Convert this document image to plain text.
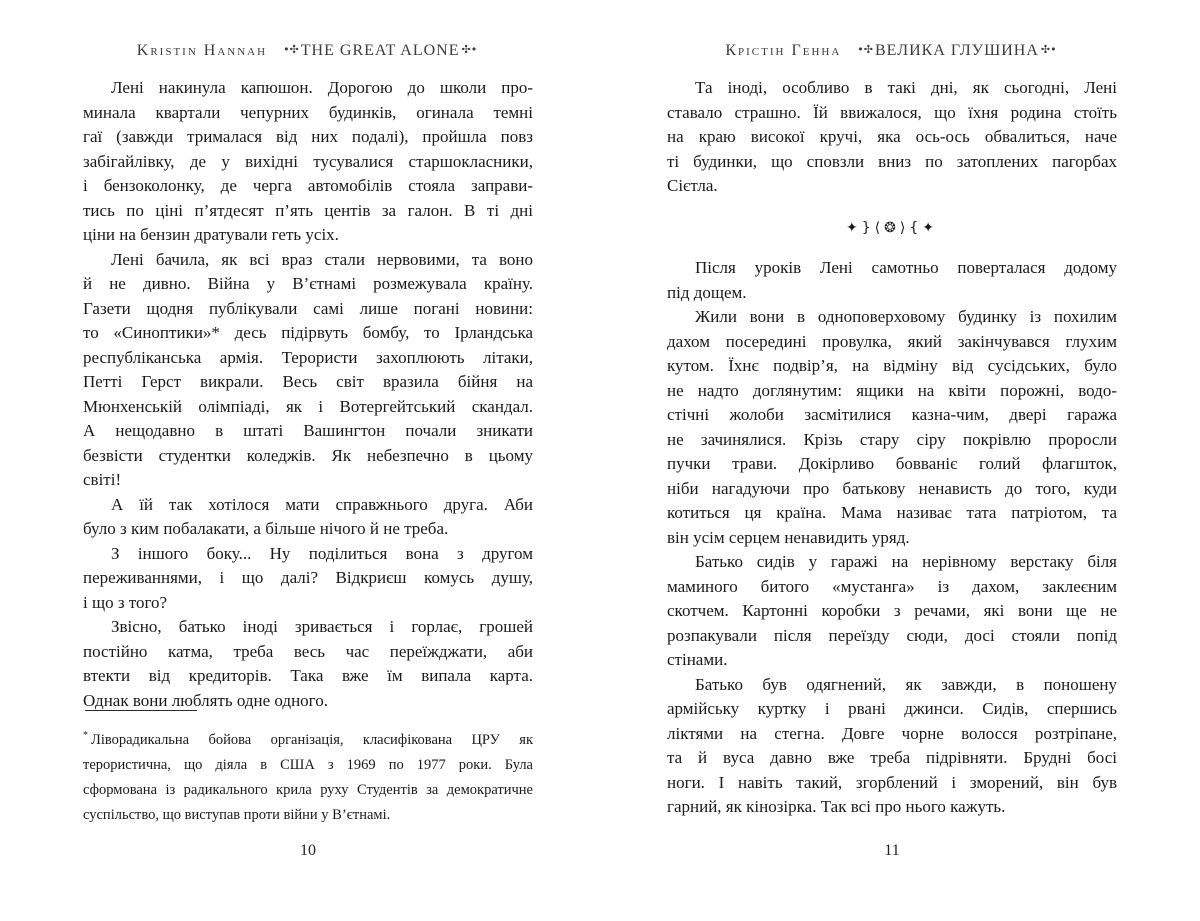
Kristin Hannah •✣ THE GREAT ALONE ✣•
Лені накинула капюшон. Дорогою до школи про-
минала квартали чепурних будинків, огинала темні
гаї (завжди трималася від них подалі), пройшла повз
забігайлівку, де у вихідні тусувалися старшокласники,
і бензоколонку, де черга автомобілів стояла заправи-
тись по ціні п’ятдесят п’ять центів за галон. В ті дні
ціни на бензин дратували геть усіх.
Лені бачила, як всі враз стали нервовими, та воно
й не дивно. Війна у В’єтнамі розмежувала країну.
Газети щодня публікували самі лише погані новини:
то «Синоптики»* десь підірвуть бомбу, то Ірландська
республіканська армія. Терористи захоплюють літаки,
Петті Герст викрали. Весь світ вразила бійня на
Мюнхенській олімпіаді, як і Вотергейтський скандал.
А нещодавно в штаті Вашингтон почали зникати
безвісти студентки коледжів. Як небезпечно в цьому
світі!
А їй так хотілося мати справжнього друга. Аби
було з ким побалакати, а більше нічого й не треба.
З іншого боку... Ну поділиться вона з другом
переживаннями, і що далі? Відкриєш комусь душу,
і що з того?
Звісно, батько іноді зривається і горлає, грошей
постійно катма, треба весь час переїжджати, аби
втекти від кредиторів. Така вже їм випала карта.
Однак вони люблять одне одного.
* Ліворадикальна бойова організація, класифікована ЦРУ як
терористична, що діяла в США з 1969 по 1977 роки. Була
сформована із радикального крила руху Студентів за демократичне
суспільство, що виступав проти війни у В’єтнамі.
10
Крістін Генна •✣ ВЕЛИКА ГЛУШИНА ✣•
Та іноді, особливо в такі дні, як сьогодні, Лені
ставало страшно. Їй ввижалося, що їхня родина стоїть
на краю високої кручі, яка ось-ось обвалиться, наче
ті будинки, що сповзли вниз по затоплених пагорбах
Сієтла.
✦}⟨❂⟩{✦
Після уроків Лені самотньо поверталася додому
під дощем.
Жили вони в одноповерховому будинку із похилим
дахом посередині провулка, який закінчувався глухим
кутом. Їхнє подвір’я, на відміну від сусідських, було
не надто доглянутим: ящики на квіти порожні, водо-
стічні жолоби засмітилися казна-чим, двері гаража
не зачинялися. Крізь стару сіру покрівлю проросли
пучки трави. Докірливо бовваніє голий флагшток,
ніби нагадуючи про батькову ненависть до того, куди
котиться ця країна. Мама називає тата патріотом, та
він усім серцем ненавидить уряд.
Батько сидів у гаражі на нерівному верстаку біля
маминого битого «мустанга» із дахом, заклеєним
скотчем. Картонні коробки з речами, які вони ще не
розпакували після переїзду сюди, досі стояли попід
стінами.
Батько був одягнений, як завжди, в поношену
армійську куртку і рвані джинси. Сидів, спершись
ліктями на стегна. Довге чорне волосся розтріпане,
та й вуса давно вже треба підрівняти. Брудні босі
ноги. І навіть такий, згорблений і зморений, він був
гарний, як кінозірка. Так всі про нього кажуть.
11
